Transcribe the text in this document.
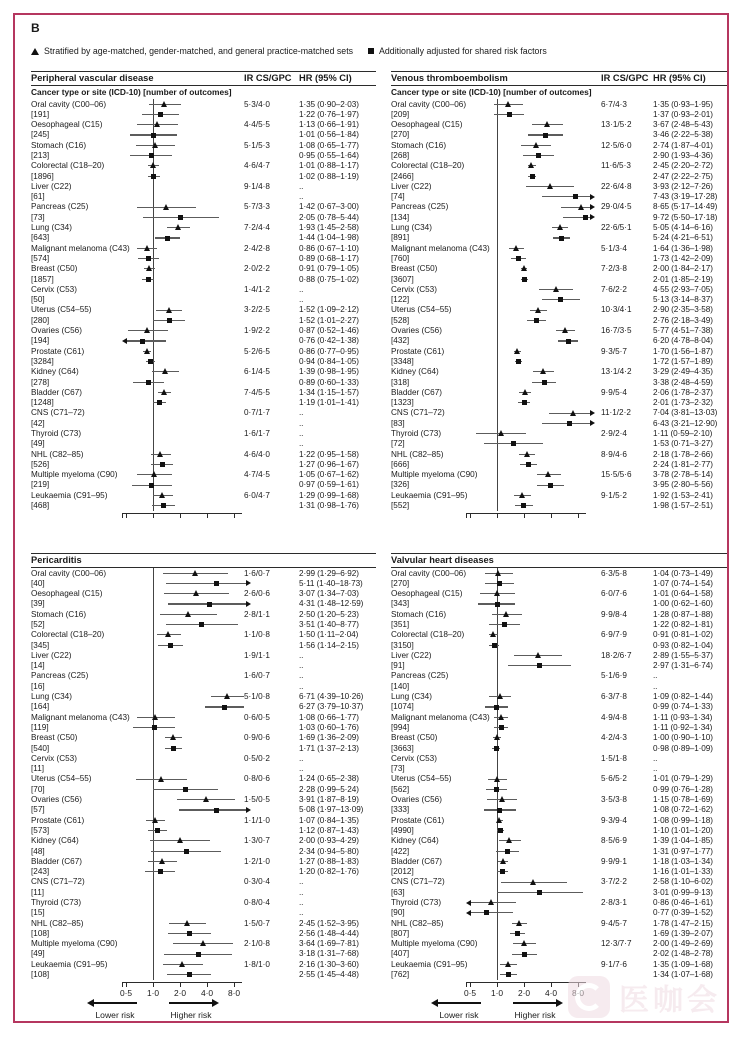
B
Stratified by age-matched, gender-matched, and general practice-matched sets	Additionally adjusted for shared risk factors
Peripheral vascular disease	IR CS/GPC HR (95% CI)
Cancer type or site (ICD-10) [number of outcomes]
Oral cavity (C00–06)	5·3/4·0	1·35 (0·90–2·03)
[191]	1·22 (0·76–1·97)
Oesophageal (C15)	4·4/5·5	1·13 (0·66–1·91)
[245]	1·01 (0·56–1·84)
Stomach (C16)	5·1/5·3	1·08 (0·65–1·77)
[213]	0·95 (0·55–1·64)
Colorectal (C18–20)	4·6/4·7	1·01 (0·88–1·17)
[1896]	1·02 (0·88–1·19)
Liver (C22)	9·1/4·8	..
[61]	..
Pancreas (C25)	5·7/3·3	1·42 (0·67–3·00)
[73]	2·05 (0·78–5·44)
Lung (C34)	7·2/4·4	1·93 (1·45–2·58)
[643]	1·44 (1·04–1·98)
Malignant melanoma (C43)	2·4/2·8	0·86 (0·67–1·10)
[574]	0·89 (0·68–1·17)
Breast (C50)	2·0/2·2	0·91 (0·79–1·05)
[1857]	0·88 (0·75–1·02)
Cervix (C53)	1·4/1·2	..
[50]	..
Uterus (C54–55)	3·2/2·5	1·52 (1·09–2·12)
[280]	1·52 (1·01–2·27)
Ovaries (C56)	1·9/2·2	0·87 (0·52–1·46)
[194]	0·76 (0·42–1·38)
Prostate (C61)	5·2/6·5	0·86 (0·77–0·95)
[3284]	0·94 (0·84–1·05)
Kidney (C64)	6·1/4·5	1·39 (0·98–1·95)
[278]	0·89 (0·60–1·33)
Bladder (C67)	7·4/5·5	1·34 (1·15–1·57)
[1248]	1·19 (1·01–1·41)
CNS (C71–72)	0·7/1·7	..
[42]	..
Thyroid (C73)	1·6/1·7	..
[49]	..
NHL (C82–85)	4·6/4·0	1·22 (0·95–1·58)
[526]	1·27 (0·96–1·67)
Multiple myeloma (C90)	4·7/4·5	1·05 (0·67–1·62)
[219]	0·97 (0·59–1·61)
Leukaemia (C91–95)	6·0/4·7	1·29 (0·99–1·68)
[468]	1·31 (0·98–1·76)
Venous thromboembolism	IR CS/GPC HR (95% CI)
Cancer type or site (ICD-10) [number of outcomes]
Oral cavity (C00–06)	6·7/4·3	1·35 (0·93–1·95)
[209]	1·37 (0·93–2·01)
Oesophageal (C15)	13·1/5·2	3·67 (2·48–5·43)
[270]	3·46 (2·22–5·38)
Stomach (C16)	12·5/6·0	2·74 (1·87–4·01)
[268]	2·90 (1·93–4·36)
Colorectal (C18–20)	11·6/5·3	2·45 (2·20–2·72)
[2466]	2·47 (2·22–2·75)
Liver (C22)	22·6/4·8	3·93 (2·12–7·26)
[74]	7·43 (3·19–17·28)
Pancreas (C25)	29·0/4·5	8·65 (5·17–14·49)
[134]	9·72 (5·50–17·18)
Lung (C34)	22·6/5·1	5·05 (4·14–6·16)
[891]	5·24 (4·21–6·51)
Malignant melanoma (C43)	5·1/3·4	1·64 (1·36–1·98)
[760]	1·73 (1·42–2·09)
Breast (C50)	7·2/3·8	2·00 (1·84–2·17)
[3607]	2·01 (1·85–2·19)
Cervix (C53)	7·6/2·2	4·55 (2·93–7·05)
[122]	5·13 (3·14–8·37)
Uterus (C54–55)	10·3/4·1	2·90 (2·35–3·58)
[528]	2·76 (2·18–3·49)
Ovaries (C56)	16·7/3·5	5·77 (4·51–7·38)
[432]	6·20 (4·78–8·04)
Prostate (C61)	9·3/5·7	1·70 (1·56–1·87)
[3348]	1·72 (1·57–1·89)
Kidney (C64)	13·1/4·2	3·29 (2·49–4·35)
[318]	3·38 (2·48–4·59)
Bladder (C67)	9·9/5·4	2·06 (1·78–2·37)
[1323]	2·01 (1·73–2·32)
CNS (C71–72)	11·1/2·2	7·04 (3·81–13·03)
[83]	6·43 (3·21–12·90)
Thyroid (C73)	2·9/2·4	1·11 (0·59–2·10)
[72]	1·53 (0·71–3·27)
NHL (C82–85)	8·9/4·6	2·18 (1·78–2·66)
[666]	2·24 (1·81–2·77)
Multiple myeloma (C90)	15·5/5·6	3·78 (2·78–5·14)
[326]	3·95 (2·80–5·56)
Leukaemia (C91–95)	9·1/5·2	1·92 (1·53–2·41)
[552]	1·98 (1·57–2·51)
Pericarditis
Oral cavity (C00–06)	1·6/0·7	2·99 (1·29–6·92)
[40]	5·11 (1·40–18·73)
Oesophageal (C15)	2·6/0·6	3·07 (1·34–7·03)
[39]	4·31 (1·48–12·59)
Stomach (C16)	2·8/1·1	2·50 (1·20–5·23)
[52]	3·51 (1·40–8·77)
Colorectal (C18–20)	1·1/0·8	1·50 (1·11–2·04)
[345]	1·56 (1·14–2·15)
Liver (C22)	1·9/1·1	..
[14]	..
Pancreas (C25)	1·6/0·7	..
[16]	..
Lung (C34)	5·1/0·8	6·71 (4·39–10·26)
[164]	6·27 (3·79–10·37)
Malignant melanoma (C43)	0·6/0·5	1·08 (0·66–1·77)
[119]	1·03 (0·60–1·76)
Breast (C50)	0·9/0·6	1·69 (1·36–2·09)
[540]	1·71 (1·37–2·13)
Cervix (C53)	0·5/0·2	..
[11]	..
Uterus (C54–55)	0·8/0·6	1·24 (0·65–2·38)
[70]	2·28 (0·99–5·24)
Ovaries (C56)	1·5/0·5	3·91 (1·87–8·19)
[57]	5·08 (1·97–13·09)
Prostate (C61)	1·1/1·0	1·07 (0·84–1·35)
[573]	1·12 (0·87–1·43)
Kidney (C64)	1·3/0·7	2·00 (0·93–4·29)
[48]	2·34 (0·94–5·80)
Bladder (C67)	1·2/1·0	1·27 (0·88–1·83)
[243]	1·20 (0·82–1·76)
CNS (C71–72)	0·3/0·4	..
[11]	..
Thyroid (C73)	0·8/0·4	..
[15]	..
NHL (C82–85)	1·5/0·7	2·45 (1·52–3·95)
[108]	2·56 (1·48–4·44)
Multiple myeloma (C90)	2·1/0·8	3·64 (1·69–7·81)
[49]	3·18 (1·31–7·68)
Leukaemia (C91–95)	1·8/1·0	2·16 (1·30–3·60)
[108]	2·55 (1·45–4·48)
0·5	1·0	2·0	4·0	8·0
Lower risk	Higher risk
Valvular heart diseases
Oral cavity (C00–06)	6·3/5·8	1·04 (0·73–1·49)
[270]	1·07 (0·74–1·54)
Oesophageal (C15)	6·0/7·6	1·01 (0·64–1·58)
[343]	1·00 (0·62–1·60)
Stomach (C16)	9·9/8·4	1·28 (0·87–1·88)
[351]	1·22 (0·82–1·81)
Colorectal (C18–20)	6·9/7·9	0·91 (0·81–1·02)
[3150]	0·93 (0·82–1·04)
Liver (C22)	18·2/6·7	2·89 (1·55–5·37)
[91]	2·97 (1·31–6·74)
Pancreas (C25)	5·1/6·9	..
[140]	..
Lung (C34)	6·3/7·8	1·09 (0·82–1·44)
[1074]	0·99 (0·74–1·33)
Malignant melanoma (C43)	4·9/4·8	1·11 (0·93–1·34)
[994]	1·11 (0·92–1·34)
Breast (C50)	4·2/4·3	1·00 (0·90–1·10)
[3663]	0·98 (0·89–1·09)
Cervix (C53)	1·5/1·8	..
[73]	..
Uterus (C54–55)	5·6/5·2	1·01 (0·79–1·29)
[562]	0·99 (0·76–1·28)
Ovaries (C56)	3·5/3·8	1·15 (0·78–1·69)
[333]	1·08 (0·72–1·62)
Prostate (C61)	9·3/9·4	1·08 (0·99–1·18)
[4990]	1·10 (1·01–1·20)
Kidney (C64)	8·5/6·9	1·39 (1·04–1·85)
[422]	1·31 (0·97–1·77)
Bladder (C67)	9·9/9·1	1·18 (1·03–1·34)
[2012]	1·16 (1·01–1·33)
CNS (C71–72)	3·7/2·2	2·58 (1·10–6·02)
[63]	3·01 (0·99–9·13)
Thyroid (C73)	2·8/3·1	0·86 (0·46–1·61)
[90]	0·77 (0·39–1·52)
NHL (C82–85)	9·4/5·7	1·78 (1·47–2·15)
[807]	1·69 (1·39–2·07)
Multiple myeloma (C90)	12·3/7·7	2·00 (1·49–2·69)
[407]	2·02 (1·48–2·78)
Leukaemia (C91–95)	9·1/7·6	1·35 (1·09–1·68)
[762]	1·34 (1·07–1·68)
0·5	1·0	2·0	4·0
Lower risk	Higher risk	医咖会
